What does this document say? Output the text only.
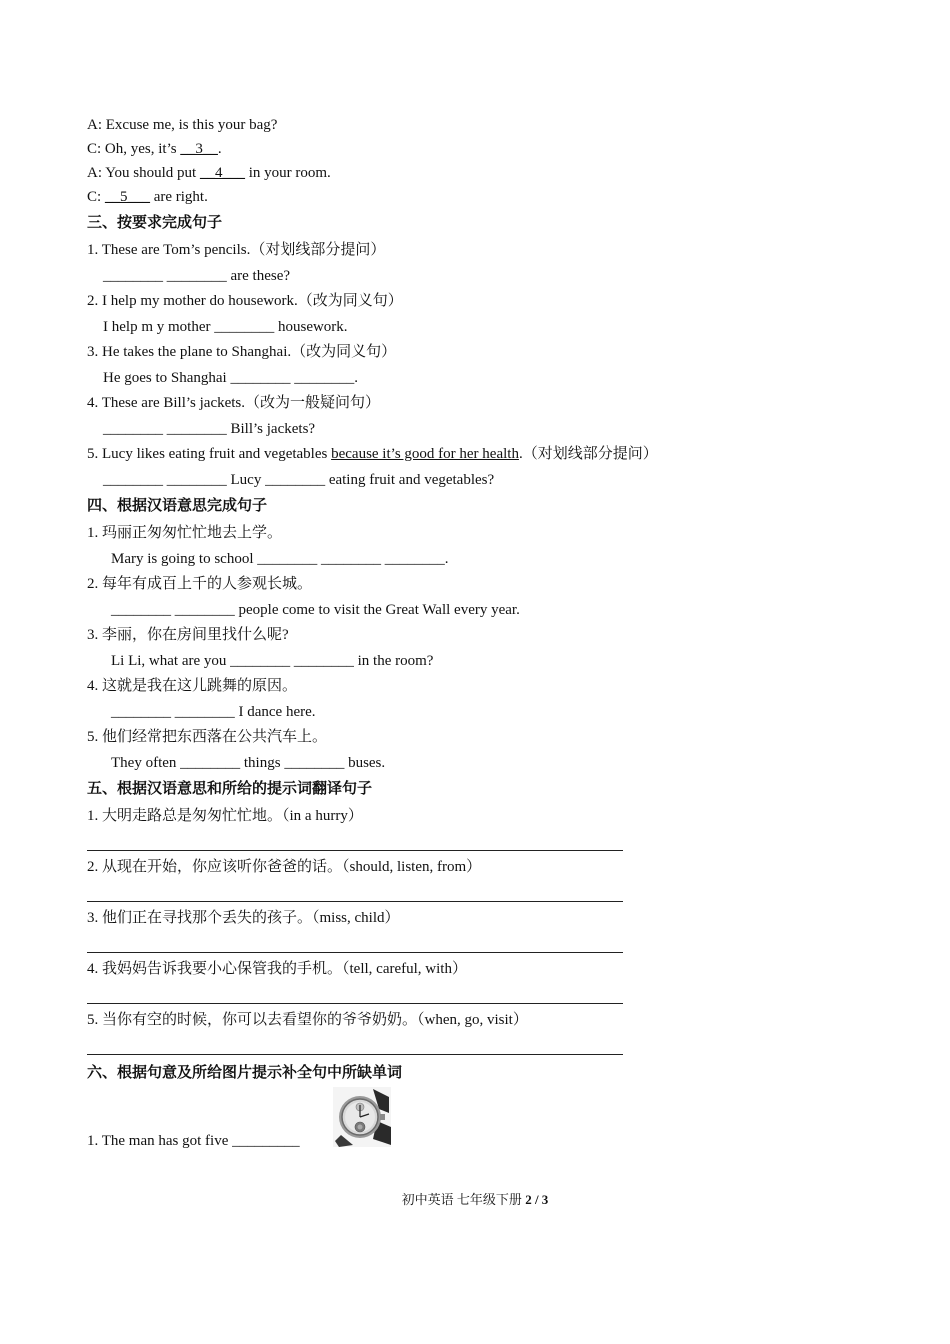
A: Excuse me, is this your bag?
C: Oh, yes, it’s __3__.
A: You should put __4___ in your room.
C: __5___ are right.
三、按要求完成句子
1. These are Tom’s pencils.（对划线部分提问）
________ ________ are these?
2. I help my mother do housework.（改为同义句）
I help m y mother ________ housework.
3. He takes the plane to Shanghai.（改为同义句）
He goes to Shanghai ________ ________.
4. These are Bill’s jackets.（改为一般疑问句）
________ ________ Bill’s jackets?
5. Lucy likes eating fruit and vegetables because it’s good for her health.（对划线部分提问）
________ ________ Lucy ________ eating fruit and vegetables?
四、根据汉语意思完成句子
1. 玛丽正匆匆忙忙地去上学。
Mary is going to school ________ ________ ________.
2. 每年有成百上千的人参观长城。
________ ________ people come to visit the Great Wall every year.
3. 李丽，你在房间里找什么呢?
Li Li, what are you ________ ________ in the room?
4. 这就是我在这儿跳舞的原因。
________ ________ I dance here.
5. 他们经常把东西落在公共汽车上。
They often ________ things ________ buses.
五、根据汉语意思和所给的提示词翻译句子
1. 大明走路总是匆匆忙忙地。（in a hurry）
2. 从现在开始，你应该听你爸爸的话。（should, listen, from）
3. 他们正在寻找那个丢失的孩子。（miss, child）
4. 我妈妈告诉我要小心保管我的手机。（tell, careful, with）
5. 当你有空的时候，你可以去看望你的爷爷奶奶。（when, go, visit）
六、根据句意及所给图片提示补全句中所缺单词
1. The man has got five _________
初中英语 七年级下册 2 / 3
